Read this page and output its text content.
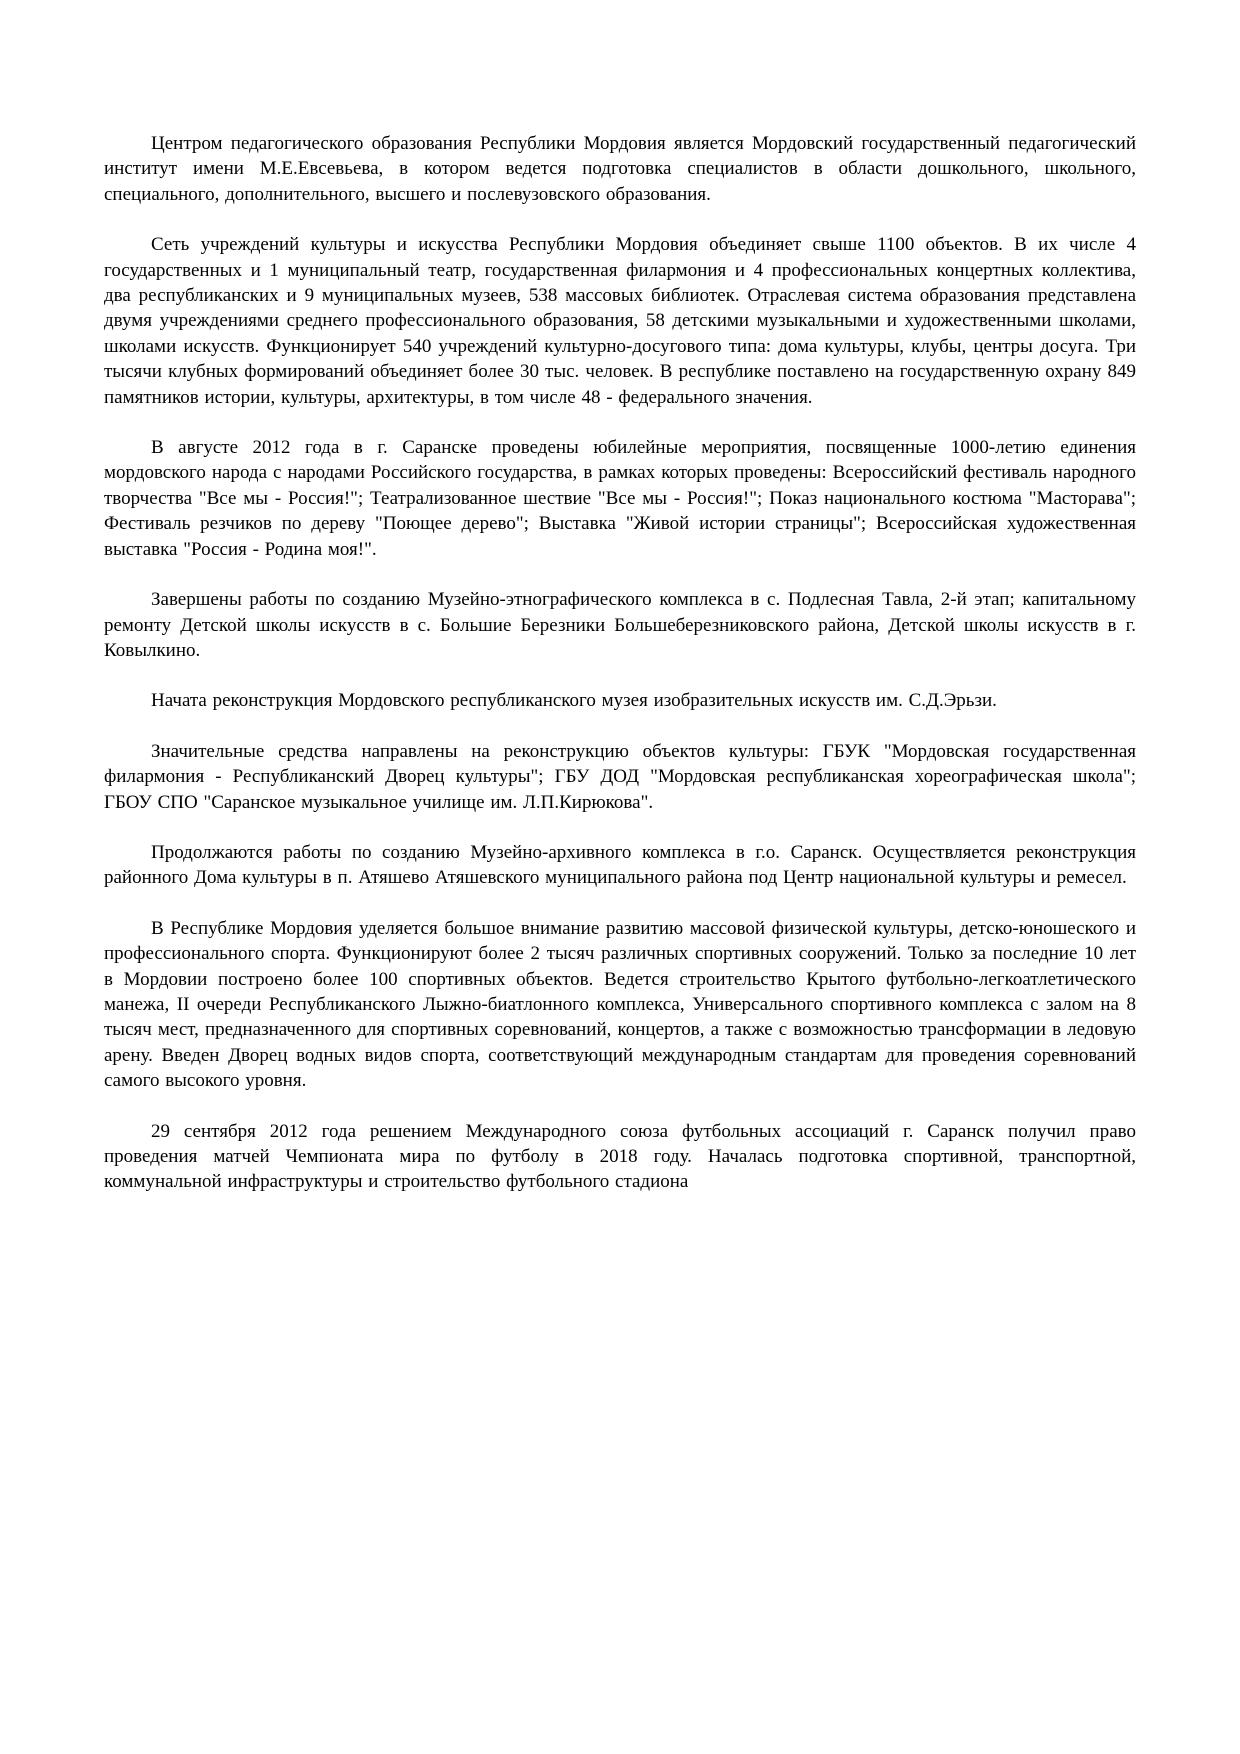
Центром педагогического образования Республики Мордовия является Мордовский государственный педагогический институт имени М.Е.Евсевьева, в котором ведется подготовка специалистов в области дошкольного, школьного, специального, дополнительного, высшего и послевузовского образования.

Сеть учреждений культуры и искусства Республики Мордовия объединяет свыше 1100 объектов. В их числе 4 государственных и 1 муниципальный театр, государственная филармония и 4 профессиональных концертных коллектива, два республиканских и 9 муниципальных музеев, 538 массовых библиотек. Отраслевая система образования представлена двумя учреждениями среднего профессионального образования, 58 детскими музыкальными и художественными школами, школами искусств. Функционирует 540 учреждений культурно-досугового типа: дома культуры, клубы, центры досуга. Три тысячи клубных формирований объединяет более 30 тыс. человек. В республике поставлено на государственную охрану 849 памятников истории, культуры, архитектуры, в том числе 48 - федерального значения.

В августе 2012 года в г. Саранске проведены юбилейные мероприятия, посвященные 1000-летию единения мордовского народа с народами Российского государства, в рамках которых проведены: Всероссийский фестиваль народного творчества "Все мы - Россия!"; Театрализованное шествие "Все мы - Россия!"; Показ национального костюма "Масторава"; Фестиваль резчиков по дереву "Поющее дерево"; Выставка "Живой истории страницы"; Всероссийская художественная выставка "Россия - Родина моя!".

Завершены работы по созданию Музейно-этнографического комплекса в с. Подлесная Тавла, 2-й этап; капитальному ремонту Детской школы искусств в с. Большие Березники Большеберезниковского района, Детской школы искусств в г. Ковылкино.

Начата реконструкция Мордовского республиканского музея изобразительных искусств им. С.Д.Эрьзи.

Значительные средства направлены на реконструкцию объектов культуры: ГБУК "Мордовская государственная филармония - Республиканский Дворец культуры"; ГБУ ДОД "Мордовская республиканская хореографическая школа"; ГБОУ СПО "Саранское музыкальное училище им. Л.П.Кирюкова".

Продолжаются работы по созданию Музейно-архивного комплекса в г.о. Саранск. Осуществляется реконструкция районного Дома культуры в п. Атяшево Атяшевского муниципального района под Центр национальной культуры и ремесел.

В Республике Мордовия уделяется большое внимание развитию массовой физической культуры, детско-юношеского и профессионального спорта. Функционируют более 2 тысяч различных спортивных сооружений. Только за последние 10 лет в Мордовии построено более 100 спортивных объектов. Ведется строительство Крытого футбольно-легкоатлетического манежа, II очереди Республиканского Лыжно-биатлонного комплекса, Универсального спортивного комплекса с залом на 8 тысяч мест, предназначенного для спортивных соревнований, концертов, а также с возможностью трансформации в ледовую арену. Введен Дворец водных видов спорта, соответствующий международным стандартам для проведения соревнований самого высокого уровня.

29 сентября 2012 года решением Международного союза футбольных ассоциаций г. Саранск получил право проведения матчей Чемпионата мира по футболу в 2018 году. Началась подготовка спортивной, транспортной, коммунальной инфраструктуры и строительство футбольного стадиона
